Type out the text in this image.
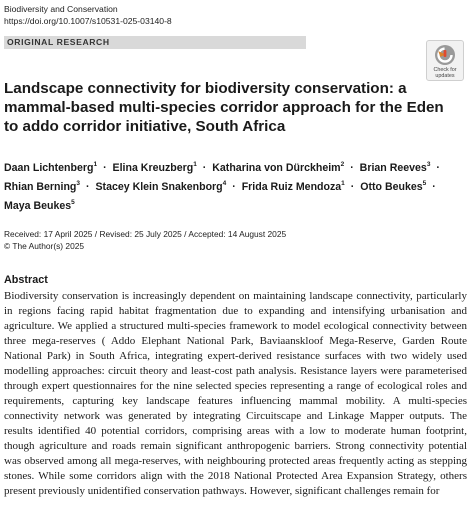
Biodiversity and Conservation
https://doi.org/10.1007/s10531-025-03140-8
ORIGINAL RESEARCH
Check for
updates
Landscape connectivity for biodiversity conservation: a mammal-based multi-species corridor approach for the Eden to addo corridor initiative, South Africa
Daan Lichtenberg$^1$ · Elina Kreuzberg$^1$ · Katharina von Dürckheim$^2$ · Brian Reeves$^3$ · Rhian Berning$^3$ · Stacey Klein Snakenborg$^4$ · Frida Ruiz Mendoza$^1$ · Otto Beukes$^5$ · Maya Beukes$^5$
Received: 17 April 2025 / Revised: 25 July 2025 / Accepted: 14 August 2025
© The Author(s) 2025
Abstract

Biodiversity conservation is increasingly dependent on maintaining landscape connectivity, particularly in regions facing rapid habitat fragmentation due to expanding and intensifying urbanisation and agriculture. We applied a structured multi-species framework to model ecological connectivity between three mega-reserves ( Addo Elephant National Park, Baviaanskloof Mega-Reserve, Garden Route National Park) in South Africa, integrating expert-derived resistance surfaces with two widely used modelling approaches: circuit theory and least-cost path analysis. Resistance layers were parameterised through expert questionnaires for the nine selected species representing a range of ecological roles and requirements, capturing key landscape features influencing mammal mobility. A multi-species connectivity network was generated by integrating Circuitscape and Linkage Mapper outputs. The results identified 40 potential corridors, comprising areas with a low to moderate human footprint, though agriculture and roads remain significant anthropogenic barriers. Strong connectivity potential was observed among all mega-reserves, with neighbouring protected areas frequently acting as stepping stones. While some corridors align with the 2018 National Protected Area Expansion Strategy, others present previously unidentified conservation pathways. However, significant challenges remain for
